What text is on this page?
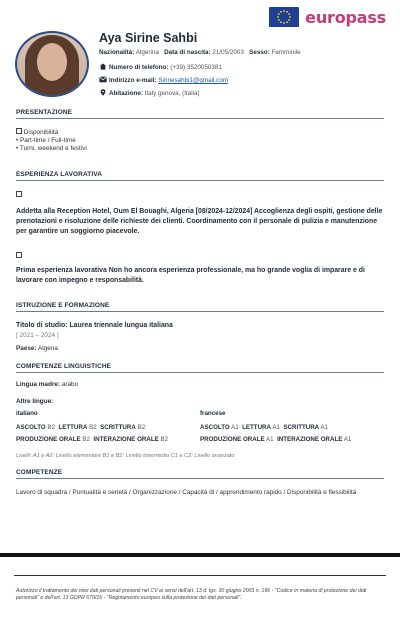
europass
Aya Sirine Sahbi
Nazionalità: Algerina Data di nascita: 21/05/2003 Sesso: Femminile
Numero di telefono: (+39) 3520050381
Indirizzo e-mail: Sirinesahbi1@gmail.com
Abitazione: Italy genova, (Italia)
PRESENTAZIONE
Disponibilità
• Part-time / Full-time
• Turni, weekend e festivi
ESPERIENZA LAVORATIVA
Addetta alla Reception Hotel, Oum El Bouaghi, Algeria [08/2024-12/2024] Accoglienza degli ospiti, gestione delle prenotazioni e risoluzione delle richieste dei clienti. Coordinamento con il personale di pulizia e manutenzione per garantire un soggiorno piacevole.
Prima esperienza lavorativa Non ho ancora esperienza professionale, ma ho grande voglia di imparare e di lavorare con impegno e responsabilità.
ISTRUZIONE E FORMAZIONE
Titolo di studio: Laurea triennale lungua italiana
[ 2021 – 2024 ]
Paese: Algena
COMPETENZE LINGUISTICHE
Lingua madre: arabo
Altre lingue:
italiano	francese
ASCOLTO B2 LETTURA B2 SCRITTURA B2
PRODUZIONE ORALE B2 INTERAZIONE ORALE B2
ASCOLTO A1 LETTURA A1 SCRITTURA A1
PRODUZIONE ORALE A1 INTERAZIONE ORALE A1
Livelli: A1 e A2: Livello elementare B1 e B2: Livello intermedio C1 e C2: Livello avanzato
COMPETENZE
Lavoro di squadra / Puntualità e serietà / Organizzazione / Capacità di / apprendimento rapido / Disponibilità e flessibilità
Autorizzo il trattamento dei miei dati personali presenti nel CV ai sensi dell'art. 13 d. lgs. 30 giugno 2003 n. 196 - "Codice in materia di protezione dei dati personali" e dell'art. 13 GDPR 679/16 - "Regolamento europeo sulla protezione dei dati personali".
